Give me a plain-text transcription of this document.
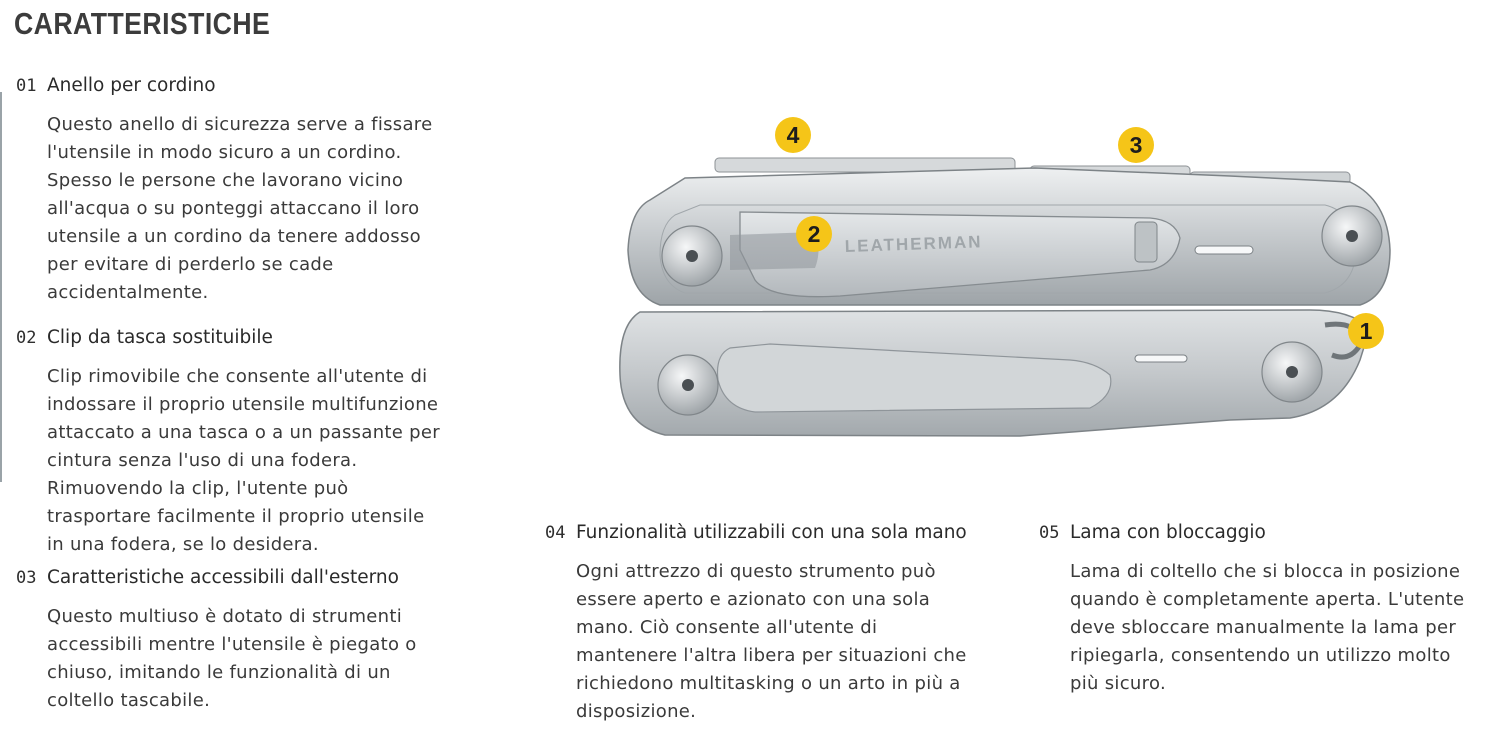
CARATTERISTICHE
01 Anello per cordino
Questo anello di sicurezza serve a fissare
l'utensile in modo sicuro a un cordino.
Spesso le persone che lavorano vicino
all'acqua o su ponteggi attaccano il loro
utensile a un cordino da tenere addosso
per evitare di perderlo se cade
accidentalmente.
02 Clip da tasca sostituibile
Clip rimovibile che consente all'utente di
indossare il proprio utensile multifunzione
attaccato a una tasca o a un passante per
cintura senza l'uso di una fodera.
Rimuovendo la clip, l'utente può
trasportare facilmente il proprio utensile
in una fodera, se lo desidera.
03 Caratteristiche accessibili dall'esterno
Questo multiuso è dotato di strumenti
accessibili mentre l'utensile è piegato o
chiuso, imitando le funzionalità di un
coltello tascabile.
04 Funzionalità utilizzabili con una sola mano
Ogni attrezzo di questo strumento può
essere aperto e azionato con una sola
mano. Ciò consente all'utente di
mantenere l'altra libera per situazioni che
richiedono multitasking o un arto in più a
disposizione.
05 Lama con bloccaggio
Lama di coltello che si blocca in posizione
quando è completamente aperta. L'utente
deve sbloccare manualmente la lama per
ripiegarla, consentendo un utilizzo molto
più sicuro.
LEATHERMAN
4	3
2
1
